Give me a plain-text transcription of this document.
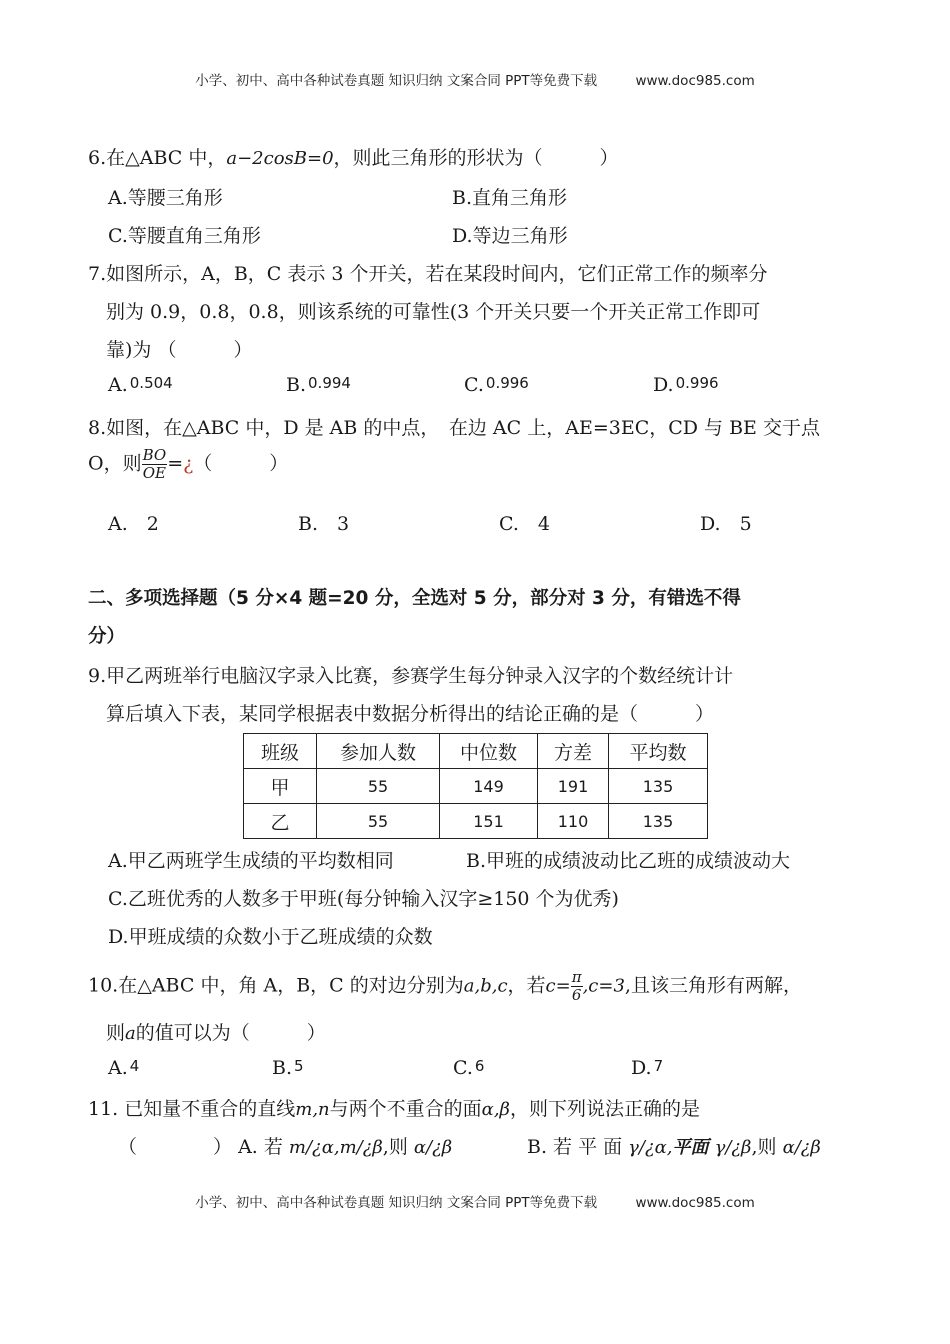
小学、初中、高中各种试卷真题 知识归纳 文案合同 PPT等免费下载	www.doc985.com
6.在△ABC 中，a−2cosB=0，则此三角形的形状为（　　　）
A.等腰三角形	B.直角三角形
C.等腰直角三角形	D.等边三角形
7.如图所示，A，B，C 表示 3 个开关，若在某段时间内，它们正常工作的频率分
别为 0.9，0.8，0.8，则该系统的可靠性(3 个开关只要一个开关正常工作即可
靠)为 （　　　）
A. 0.504	B. 0.994	C. 0.996	D. 0.996
8.如图，在△ABC 中，D 是 AB 的中点，　在边 AC 上，AE=3EC，CD 与 BE 交于点
O，则 $\frac{BO}{OE}$ =¿（　　　）
A.　2	B.　3	C.　4	D.　5
二、多项选择题（5 分×4 题=20 分，全选对 5 分，部分对 3 分，有错选不得
分）
9.甲乙两班举行电脑汉字录入比赛，参赛学生每分钟录入汉字的个数经统计计
算后填入下表，某同学根据表中数据分析得出的结论正确的是（　　　）
班级	参加人数	中位数	方差	平均数
甲	55	149	191	135
乙	55	151	110	135
A.甲乙两班学生成绩的平均数相同	B.甲班的成绩波动比乙班的成绩波动大
C.乙班优秀的人数多于甲班(每分钟输入汉字≥150 个为优秀)
D.甲班成绩的众数小于乙班成绩的众数
10.在△ABC 中，角 A，B，C 的对边分别为a,b,c，若$c= \frac{\pi}{6} ,c=3$,且该三角形有两解，
则a的值可以为（　　　）
A. 4	B. 5	C. 6	D. 7
11. 已知量不重合的直线m,n与两个不重合的面α,β，则下列说法正确的是
（　　　　） A. 若 m/¿α,m/¿β,则 α/¿β	B. 若 平 面 γ/¿α,平面 γ/¿β,则 α/¿β
小学、初中、高中各种试卷真题 知识归纳 文案合同 PPT等免费下载	www.doc985.com
